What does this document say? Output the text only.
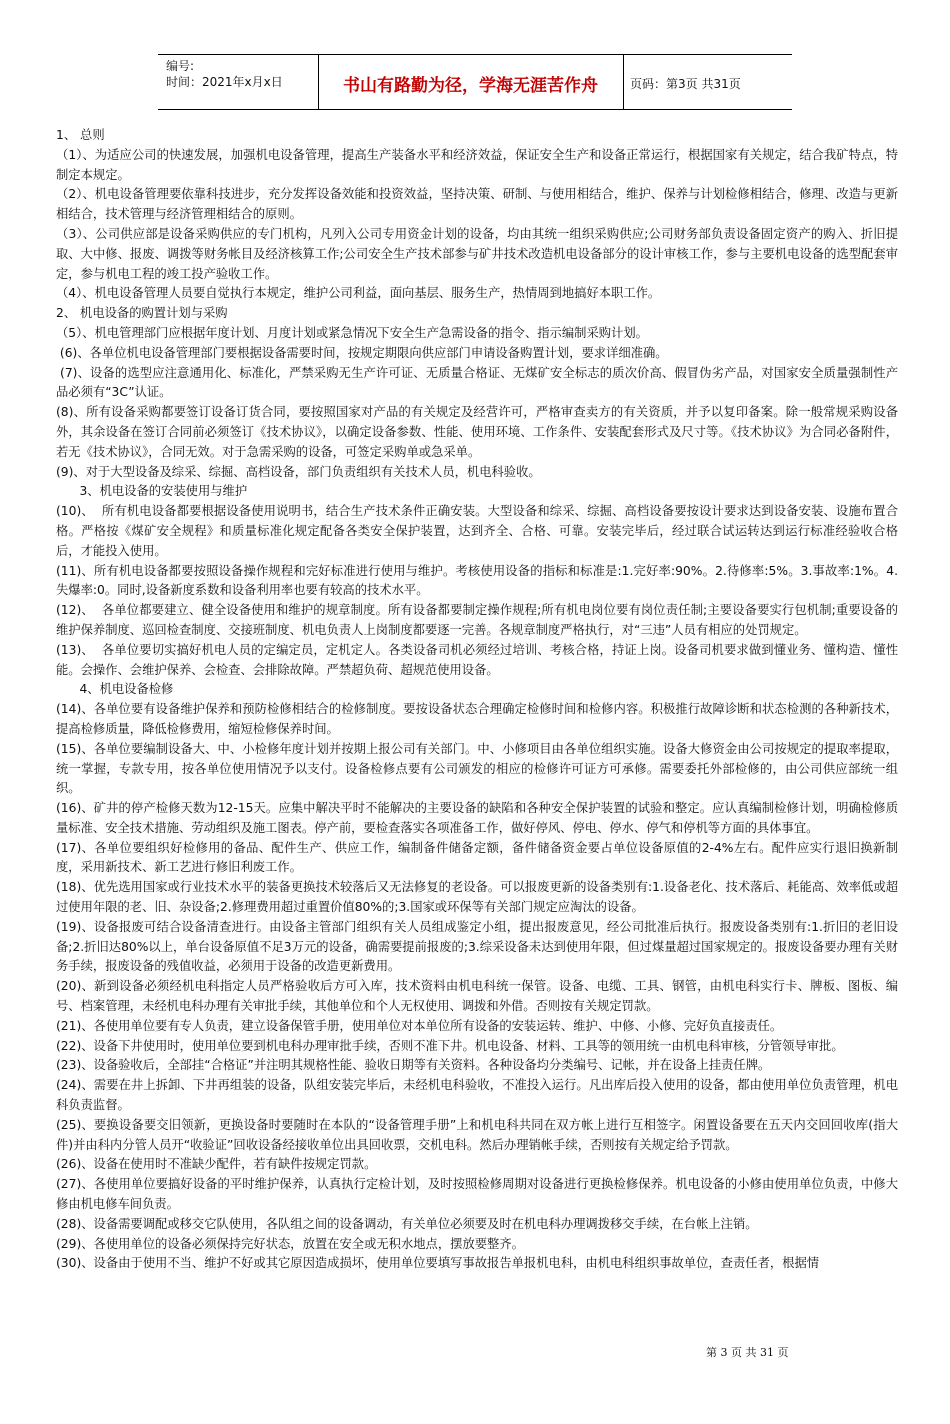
编号:
时间：2021年x月x日	书山有路勤为径，学海无涯苦作舟	页码：第3页 共31页

1、 总则

（1）、为适应公司的快速发展，加强机电设备管理，提高生产装备水平和经济效益，保证安全生产和设备正常运行，根据国家有关规定，结合我矿特点，特制定本规定。

（2）、机电设备管理要依靠科技进步，充分发挥设备效能和投资效益，坚持决策、研制、与使用相结合，维护、保养与计划检修相结合，修理、改造与更新相结合，技术管理与经济管理相结合的原则。

（3）、公司供应部是设备采购供应的专门机构，凡列入公司专用资金计划的设备，均由其统一组织采购供应;公司财务部负责设备固定资产的购入、折旧提取、大中修、报废、调拨等财务帐目及经济核算工作;公司安全生产技术部参与矿井技术改造机电设备部分的设计审核工作，参与主要机电设备的选型配套审定，参与机电工程的竣工投产验收工作。

（4）、机电设备管理人员要自觉执行本规定，维护公司利益，面向基层、服务生产，热情周到地搞好本职工作。

2、 机电设备的购置计划与采购

（5）、机电管理部门应根据年度计划、月度计划或紧急情况下安全生产急需设备的指令、指示编制采购计划。

(6)、各单位机电设备管理部门要根据设备需要时间，按规定期限向供应部门申请设备购置计划，要求详细准确。

(7)、设备的选型应注意通用化、标准化，严禁采购无生产许可证、无质量合格证、无煤矿安全标志的质次价高、假冒伪劣产品，对国家安全质量强制性产品必须有“3C”认证。

(8)、所有设备采购都要签订设备订货合同，要按照国家对产品的有关规定及经营许可，严格审查卖方的有关资质，并予以复印备案。除一般常规采购设备外，其余设备在签订合同前必须签订《技术协议》，以确定设备参数、性能、使用环境、工作条件、安装配套形式及尺寸等。《技术协议》为合同必备附件，若无《技术协议》，合同无效。对于急需采购的设备，可签定采购单或急采单。

(9)、对于大型设备及综采、综掘、高档设备，部门负责组织有关技术人员，机电科验收。

3、机电设备的安装使用与维护

(10)、  所有机电设备都要根据设备使用说明书，结合生产技术条件正确安装。大型设备和综采、综掘、高档设备要按设计要求达到设备安装、设施布置合格。严格按《煤矿安全规程》和质量标准化规定配备各类安全保护装置，达到齐全、合格、可靠。安装完毕后，经过联合试运转达到运行标准经验收合格后，才能投入使用。

(11)、所有机电设备都要按照设备操作规程和完好标准进行使用与维护。考核使用设备的指标和标准是:1.完好率:90%。2.待修率:5%。3.事故率:1%。4.失爆率:0。同时,设备新度系数和设备利用率也要有较高的技术水平。

(12)、  各单位都要建立、健全设备使用和维护的规章制度。所有设备都要制定操作规程;所有机电岗位要有岗位责任制;主要设备要实行包机制;重要设备的维护保养制度、巡回检查制度、交接班制度、机电负责人上岗制度都要逐一完善。各规章制度严格执行，对“三违”人员有相应的处罚规定。

(13)、  各单位要切实搞好机电人员的定编定员，定机定人。各类设备司机必须经过培训、考核合格，持证上岗。设备司机要求做到懂业务、懂构造、懂性能。会操作、会维护保养、会检查、会排除故障。严禁超负荷、超规范使用设备。

4、机电设备检修

(14)、各单位要有设备维护保养和预防检修相结合的检修制度。要按设备状态合理确定检修时间和检修内容。积极推行故障诊断和状态检测的各种新技术，提高检修质量，降低检修费用，缩短检修保养时间。

(15)、各单位要编制设备大、中、小检修年度计划并按期上报公司有关部门。中、小修项目由各单位组织实施。设备大修资金由公司按规定的提取率提取，统一掌握，专款专用，按各单位使用情况予以支付。设备检修点要有公司颁发的相应的检修许可证方可承修。需要委托外部检修的，由公司供应部统一组织。

(16)、矿井的停产检修天数为12-15天。应集中解决平时不能解决的主要设备的缺陷和各种安全保护装置的试验和整定。应认真编制检修计划，明确检修质量标准、安全技术措施、劳动组织及施工图表。停产前，要检查落实各项准备工作，做好停风、停电、停水、停气和停机等方面的具体事宜。

(17)、各单位要组织好检修用的备品、配件生产、供应工作，编制备件储备定额，备件储备资金要占单位设备原值的2-4%左右。配件应实行退旧换新制度，采用新技术、新工艺进行修旧利废工作。

(18)、优先选用国家或行业技术水平的装备更换技术较落后又无法修复的老设备。可以报废更新的设备类别有:1.设备老化、技术落后、耗能高、效率低或超过使用年限的老、旧、杂设备;2.修理费用超过重置价值80%的;3.国家或环保等有关部门规定应淘汰的设备。

(19)、设备报废可结合设备清查进行。由设备主管部门组织有关人员组成鉴定小组，提出报废意见，经公司批准后执行。报废设备类别有:1.折旧的老旧设备;2.折旧达80%以上，单台设备原值不足3万元的设备，确需要提前报废的;3.综采设备未达到使用年限，但过煤量超过国家规定的。报废设备要办理有关财务手续，报废设备的残值收益，必须用于设备的改造更新费用。

(20)、新到设备必须经机电科指定人员严格验收后方可入库，技术资料由机电科统一保管。设备、电缆、工具、钢管，由机电科实行卡、牌板、图板、编号、档案管理，未经机电科办理有关审批手续，其他单位和个人无权使用、调拨和外借。否则按有关规定罚款。

(21)、各使用单位要有专人负责，建立设备保管手册，使用单位对本单位所有设备的安装运转、维护、中修、小修、完好负直接责任。

(22)、设备下井使用时，使用单位要到机电科办理审批手续，否则不准下井。机电设备、材料、工具等的领用统一由机电科审核，分管领导审批。

(23)、设备验收后，全部挂“合格证”并注明其规格性能、验收日期等有关资料。各种设备均分类编号、记帐，并在设备上挂责任牌。

(24)、需要在井上拆卸、下井再组装的设备，队组安装完毕后，未经机电科验收，不准投入运行。凡出库后投入使用的设备，都由使用单位负责管理，机电科负责监督。

(25)、要换设备要交旧领新，更换设备时要随时在本队的“设备管理手册”上和机电科共同在双方帐上进行互相签字。闲置设备要在五天内交回回收库(指大件)并由科内分管人员开“收验证”回收设备经接收单位出具回收票，交机电科。然后办理销帐手续，否则按有关规定给予罚款。

(26)、设备在使用时不准缺少配件，若有缺件按规定罚款。

(27)、各使用单位要搞好设备的平时维护保养，认真执行定检计划，及时按照检修周期对设备进行更换检修保养。机电设备的小修由使用单位负责，中修大修由机电修车间负责。

(28)、设备需要调配或移交它队使用，各队组之间的设备调动，有关单位必须要及时在机电科办理调拨移交手续，在台帐上注销。

(29)、各使用单位的设备必须保持完好状态，放置在安全或无积水地点，摆放要整齐。

(30)、设备由于使用不当、维护不好或其它原因造成损坏，使用单位要填写事故报告单报机电科，由机电科组织事故单位，查责任者，根据情

第 3 页 共 31 页
